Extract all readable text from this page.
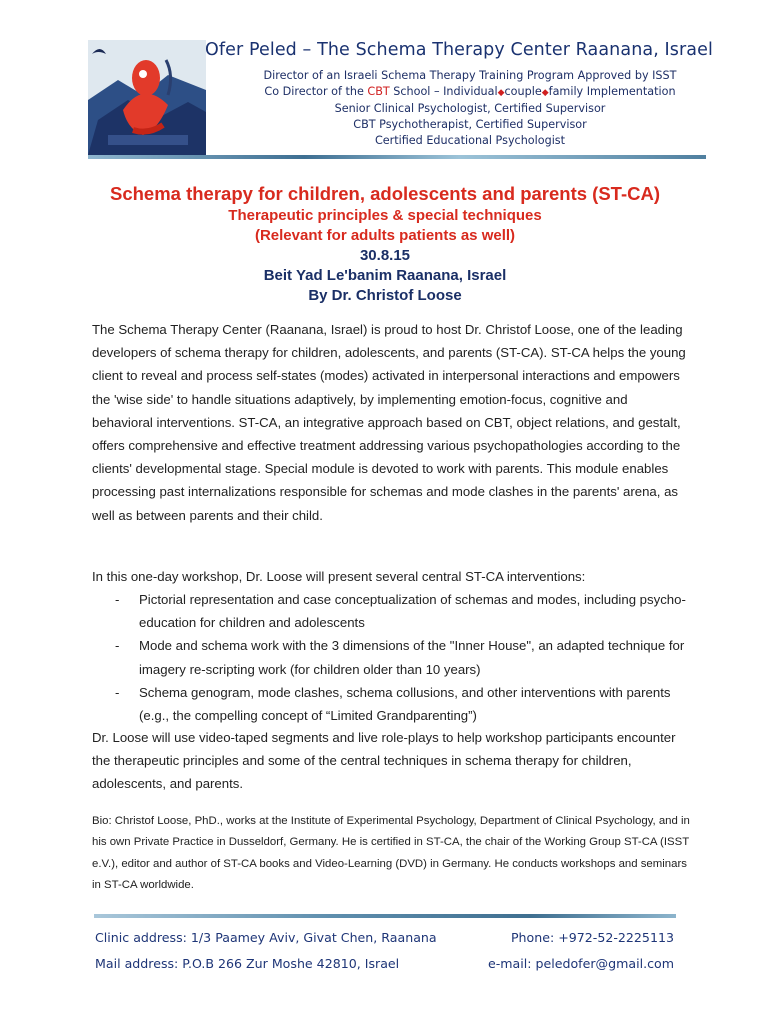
Ofer Peled – The Schema Therapy Center Raanana, Israel
Director of an Israeli Schema Therapy Training Program Approved by ISST
Co Director of the CBT School – Individual◆couple◆family Implementation
Senior Clinical Psychologist, Certified Supervisor
CBT Psychotherapist, Certified Supervisor
Certified Educational Psychologist
Schema therapy for children, adolescents and parents (ST-CA)
Therapeutic principles & special techniques
(Relevant for adults patients as well)
30.8.15
Beit Yad Le'banim Raanana, Israel
By Dr. Christof Loose

The Schema Therapy Center (Raanana, Israel) is proud to host Dr. Christof Loose, one of the leading developers of schema therapy for children, adolescents, and parents (ST-CA). ST-CA helps the young client to reveal and process self-states (modes) activated in interpersonal interactions and empowers the 'wise side' to handle situations adaptively, by implementing emotion-focus, cognitive and behavioral interventions. ST-CA, an integrative approach based on CBT, object relations, and gestalt, offers comprehensive and effective treatment addressing various psychopathologies according to the clients' developmental stage. Special module is devoted to work with parents. This module enables processing past internalizations responsible for schemas and mode clashes in the parents' arena, as well as between parents and their child.

In this one-day workshop, Dr. Loose will present several central ST-CA interventions:
- Pictorial representation and case conceptualization of schemas and modes, including psycho-education for children and adolescents
- Mode and schema work with the 3 dimensions of the "Inner House", an adapted technique for imagery re-scripting work (for children older than 10 years)
- Schema genogram, mode clashes, schema collusions, and other interventions with parents (e.g., the compelling concept of “Limited Grandparenting”)
Dr. Loose will use video-taped segments and live role-plays to help workshop participants encounter the therapeutic principles and some of the central techniques in schema therapy for children, adolescents, and parents.
Bio: Christof Loose, PhD., works at the Institute of Experimental Psychology, Department of Clinical Psychology, and in his own Private Practice in Dusseldorf, Germany. He is certified in ST-CA, the chair of the Working Group ST-CA (ISST e.V.), editor and author of ST-CA books and Video-Learning (DVD) in Germany. He conducts workshops and seminars in ST-CA worldwide.
Clinic address: 1/3 Paamey Aviv, Givat Chen, Raanana	Phone: +972-52-2225113
Mail address: P.O.B 266 Zur Moshe 42810, Israel	e-mail: peledofer@gmail.com
